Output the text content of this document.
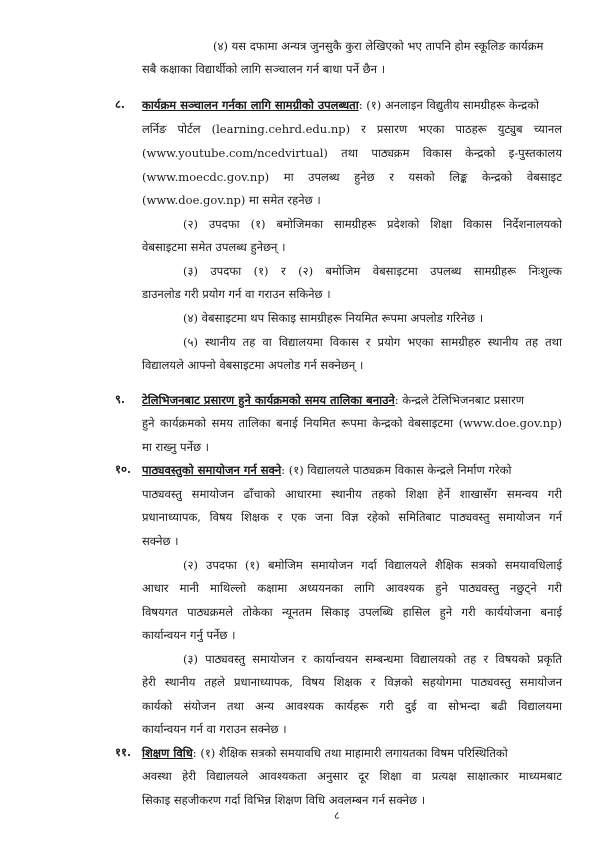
(४) यस दफामा अन्यत्र जुनसुकै कुरा लेखिएको भए तापनि होम स्कूलिङ कार्यक्रम
सबै कक्षाका विद्यार्थीको लागि सञ्चालन गर्न बाधा पर्ने छैन ।
८. कार्यक्रम सञ्चालन गर्नका लागि सामग्रीको उपलब्धता: (१) अनलाइन विद्युतीय सामग्रीहरू केन्द्रको
लर्निङ पोर्टल (learning.cehrd.edu.np) र प्रसारण भएका पाठहरू युट्युब च्यानल
(www.youtube.com/ncedvirtual) तथा पाठ्यक्रम विकास केन्द्रको इ-पुस्तकालय
(www.moecdc.gov.np) मा उपलब्ध हुनेछ र यसको लिङ्क केन्द्रको वेबसाइट
(www.doe.gov.np) मा समेत रहनेछ ।
(२) उपदफा (१) बमोजिमका सामग्रीहरू प्रदेशको शिक्षा विकास निर्देशनालयको
वेबसाइटमा समेत उपलब्ध हुनेछन् ।
(३) उपदफा (१) र (२) बमोजिम वेबसाइटमा उपलब्ध सामग्रीहरू निःशुल्क
डाउनलोड गरी प्रयोग गर्न वा गराउन सकिनेछ ।
(४) वेबसाइटमा थप सिकाइ सामग्रीहरू नियमित रूपमा अपलोड गरिनेछ ।
(५) स्थानीय तह वा विद्यालयमा विकास र प्रयोग भएका सामग्रीहरु स्थानीय तह तथा
विद्यालयले आफ्नो वेबसाइटमा अपलोड गर्न सक्नेछन् ।
९. टेलिभिजनबाट प्रसारण हुने कार्यक्रमको समय तालिका बनाउने: केन्द्रले टेलिभिजनबाट प्रसारण
हुने कार्यक्रमको समय तालिका बनाई नियमित रूपमा केन्द्रको वेबसाइटमा (www.doe.gov.np)
मा राख्नु पर्नेछ ।
१०. पाठ्यवस्तुको समायोजन गर्न सक्ने: (१) विद्यालयले पाठ्यक्रम विकास केन्द्रले निर्माण गरेको
पाठ्यवस्तु समायोजन ढाँचाको आधारमा स्थानीय तहको शिक्षा हेर्ने शाखासँग समन्वय गरी
प्रधानाध्यापक, विषय शिक्षक र एक जना विज्ञ रहेको समितिबाट पाठ्यवस्तु समायोजन गर्न
सक्नेछ ।
(२) उपदफा (१) बमोजिम समायोजन गर्दा विद्यालयले शैक्षिक सत्रको समयावधिलाई
आधार मानी माथिल्लो कक्षामा अध्ययनका लागि आवश्यक हुने पाठ्यवस्तु नछुट्ने गरी
विषयगत पाठ्यक्रमले तोकेका न्यूनतम सिकाइ उपलब्धि हासिल हुने गरी कार्ययोजना बनाई
कार्यान्वयन गर्नु पर्नेछ ।
(३) पाठ्यवस्तु समायोजन र कार्यान्वयन सम्बन्धमा विद्यालयको तह र विषयको प्रकृति
हेरी स्थानीय तहले प्रधानाध्यापक, विषय शिक्षक र विज्ञको सहयोगमा पाठ्यवस्तु समायोजन
कार्यको संयोजन तथा अन्य आवश्यक कार्यहरू गरी दुई वा सोभन्दा बढी विद्यालयमा
कार्यान्वयन गर्न वा गराउन सक्नेछ ।
११. शिक्षण विधि: (१) शैक्षिक सत्रको समयावधि तथा माहामारी लगायतका विषम परिस्थितिको
अवस्था हेरी विद्यालयले आवश्यकता अनुसार दूर शिक्षा वा प्रत्यक्ष साक्षात्कार माध्यमबाट
सिकाइ सहजीकरण गर्दा विभिन्न शिक्षण विधि अवलम्बन गर्न सक्नेछ ।
८
